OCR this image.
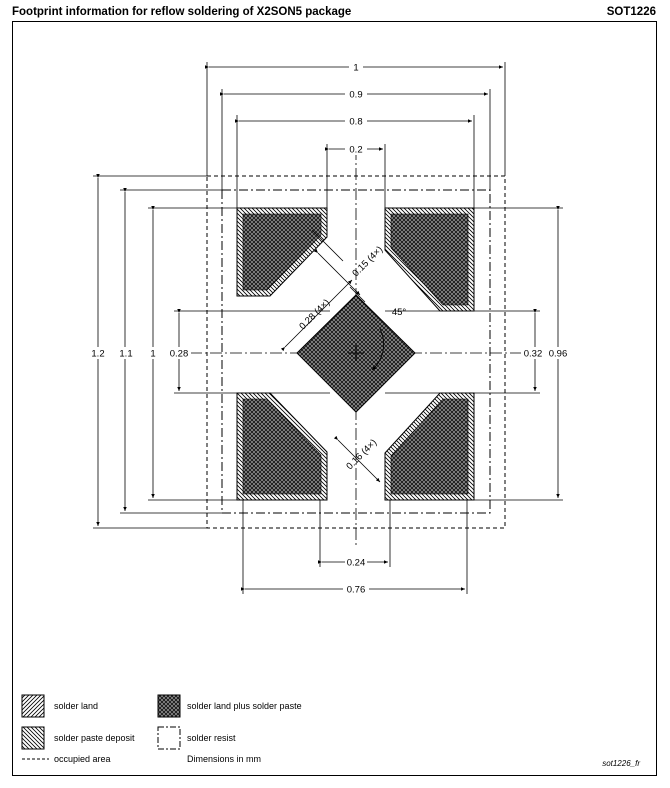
Footprint information for reflow soldering of X2SON5 package	SOT1226
1
0.9
0.8
0.2
0.24
0.76
1.2 1.1 1 0.28	0.32 0.96
45°
0.15 (4×)
0.28 (4×)
0.16 (4×)
solder land	solder land plus solder paste
solder paste deposit	solder resist
occupied area	Dimensions in mm	sot1226_fr
